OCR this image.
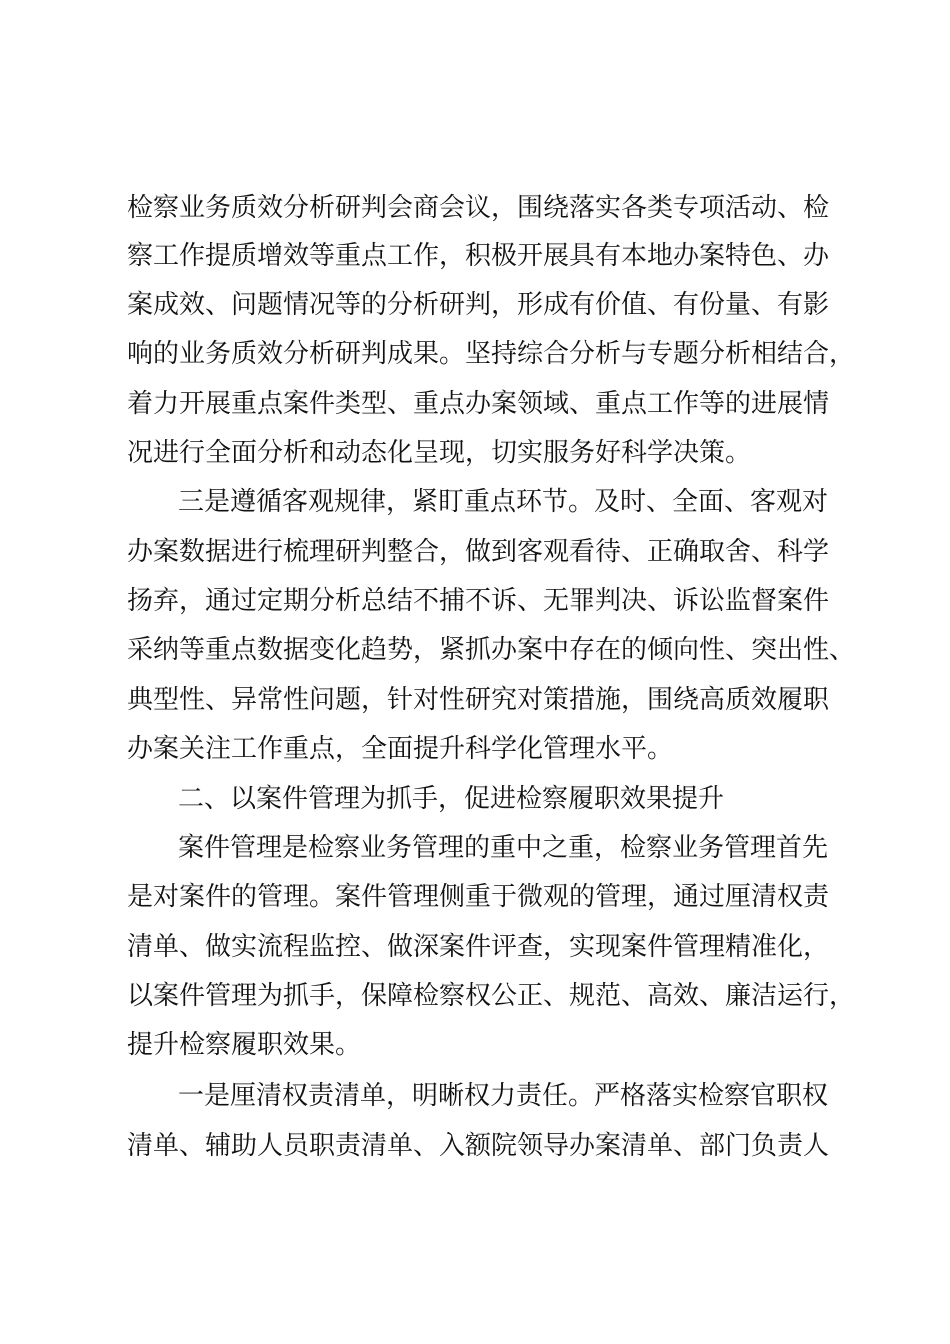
检察业务质效分析研判会商会议，围绕落实各类专项活动、检
察工作提质增效等重点工作，积极开展具有本地办案特色、办
案成效、问题情况等的分析研判，形成有价值、有份量、有影
响的业务质效分析研判成果。坚持综合分析与专题分析相结合，
着力开展重点案件类型、重点办案领域、重点工作等的进展情
况进行全面分析和动态化呈现，切实服务好科学决策。
三是遵循客观规律，紧盯重点环节。及时、全面、客观对
办案数据进行梳理研判整合，做到客观看待、正确取舍、科学
扬弃，通过定期分析总结不捕不诉、无罪判决、诉讼监督案件
采纳等重点数据变化趋势，紧抓办案中存在的倾向性、突出性、
典型性、异常性问题，针对性研究对策措施，围绕高质效履职
办案关注工作重点，全面提升科学化管理水平。
二、以案件管理为抓手，促进检察履职效果提升
案件管理是检察业务管理的重中之重，检察业务管理首先
是对案件的管理。案件管理侧重于微观的管理，通过厘清权责
清单、做实流程监控、做深案件评查，实现案件管理精准化，
以案件管理为抓手，保障检察权公正、规范、高效、廉洁运行，
提升检察履职效果。
一是厘清权责清单，明晰权力责任。严格落实检察官职权
清单、辅助人员职责清单、入额院领导办案清单、部门负责人
